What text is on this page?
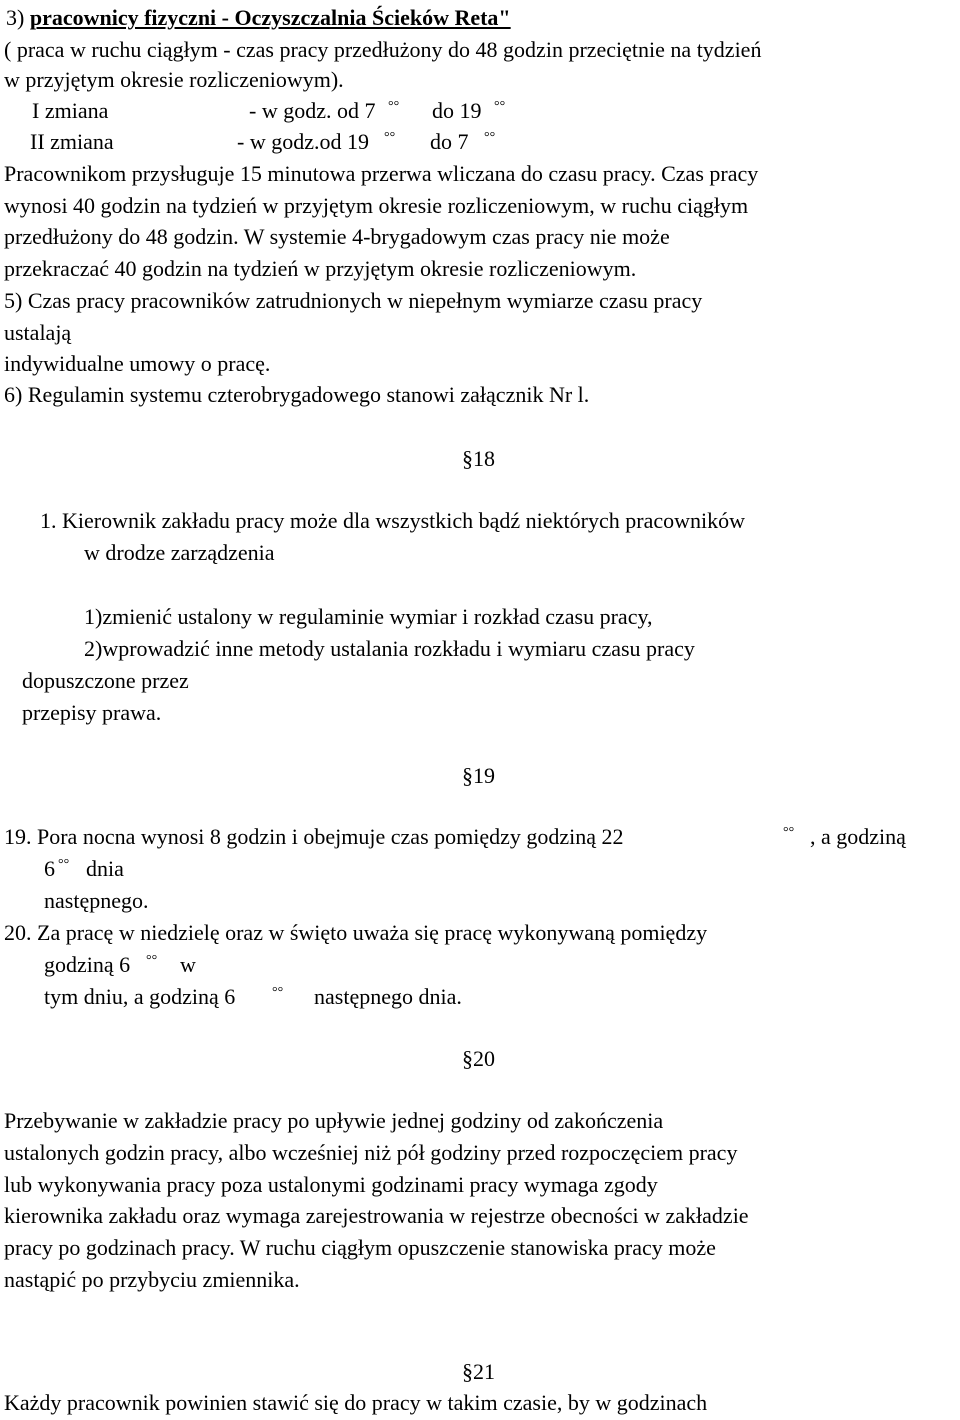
3) pracownicy fizyczni - Oczyszczalnia Ścieków Reta"
( praca w ruchu ciągłym - czas pracy przedłużony do 48 godzin przeciętnie na tydzień
w przyjętym okresie rozliczeniowym).
I zmiana	- w godz. od 7 °° do 19 °°
II zmiana	- w godz.od 19 °° do 7 °°
Pracownikom przysługuje 15 minutowa przerwa wliczana do czasu pracy. Czas pracy
wynosi 40 godzin na tydzień w przyjętym okresie rozliczeniowym, w ruchu ciągłym
przedłużony do 48 godzin. W systemie 4-brygadowym czas pracy nie może
przekraczać 40 godzin na tydzień w przyjętym okresie rozliczeniowym.
5) Czas pracy pracowników zatrudnionych w niepełnym wymiarze czasu pracy
ustalają
indywidualne umowy o pracę.
6) Regulamin systemu czterobrygadowego stanowi załącznik Nr l.
§18
1. Kierownik zakładu pracy może dla wszystkich bądź niektórych pracowników
w drodze zarządzenia
1)zmienić ustalony w regulaminie wymiar i rozkład czasu pracy,
2)wprowadzić inne metody ustalania rozkładu i wymiaru czasu pracy
dopuszczone przez
przepisy prawa.
§19
19. Pora nocna wynosi 8 godzin i obejmuje czas pomiędzy godziną 22	°° , a godziną
6 °° dnia
następnego.
20. Za pracę w niedzielę oraz w święto uważa się pracę wykonywaną pomiędzy
godziną 6 °° w
tym dniu, a godziną 6	°° następnego dnia.
§20
Przebywanie w zakładzie pracy po upływie jednej godziny od zakończenia
ustalonych godzin pracy, albo wcześniej niż pół godziny przed rozpoczęciem pracy
lub wykonywania pracy poza ustalonymi godzinami pracy wymaga zgody
kierownika zakładu oraz wymaga zarejestrowania w rejestrze obecności w zakładzie
pracy po godzinach pracy. W ruchu ciągłym opuszczenie stanowiska pracy może
nastąpić po przybyciu zmiennika.
§21
Każdy pracownik powinien stawić się do pracy w takim czasie, by w godzinach
